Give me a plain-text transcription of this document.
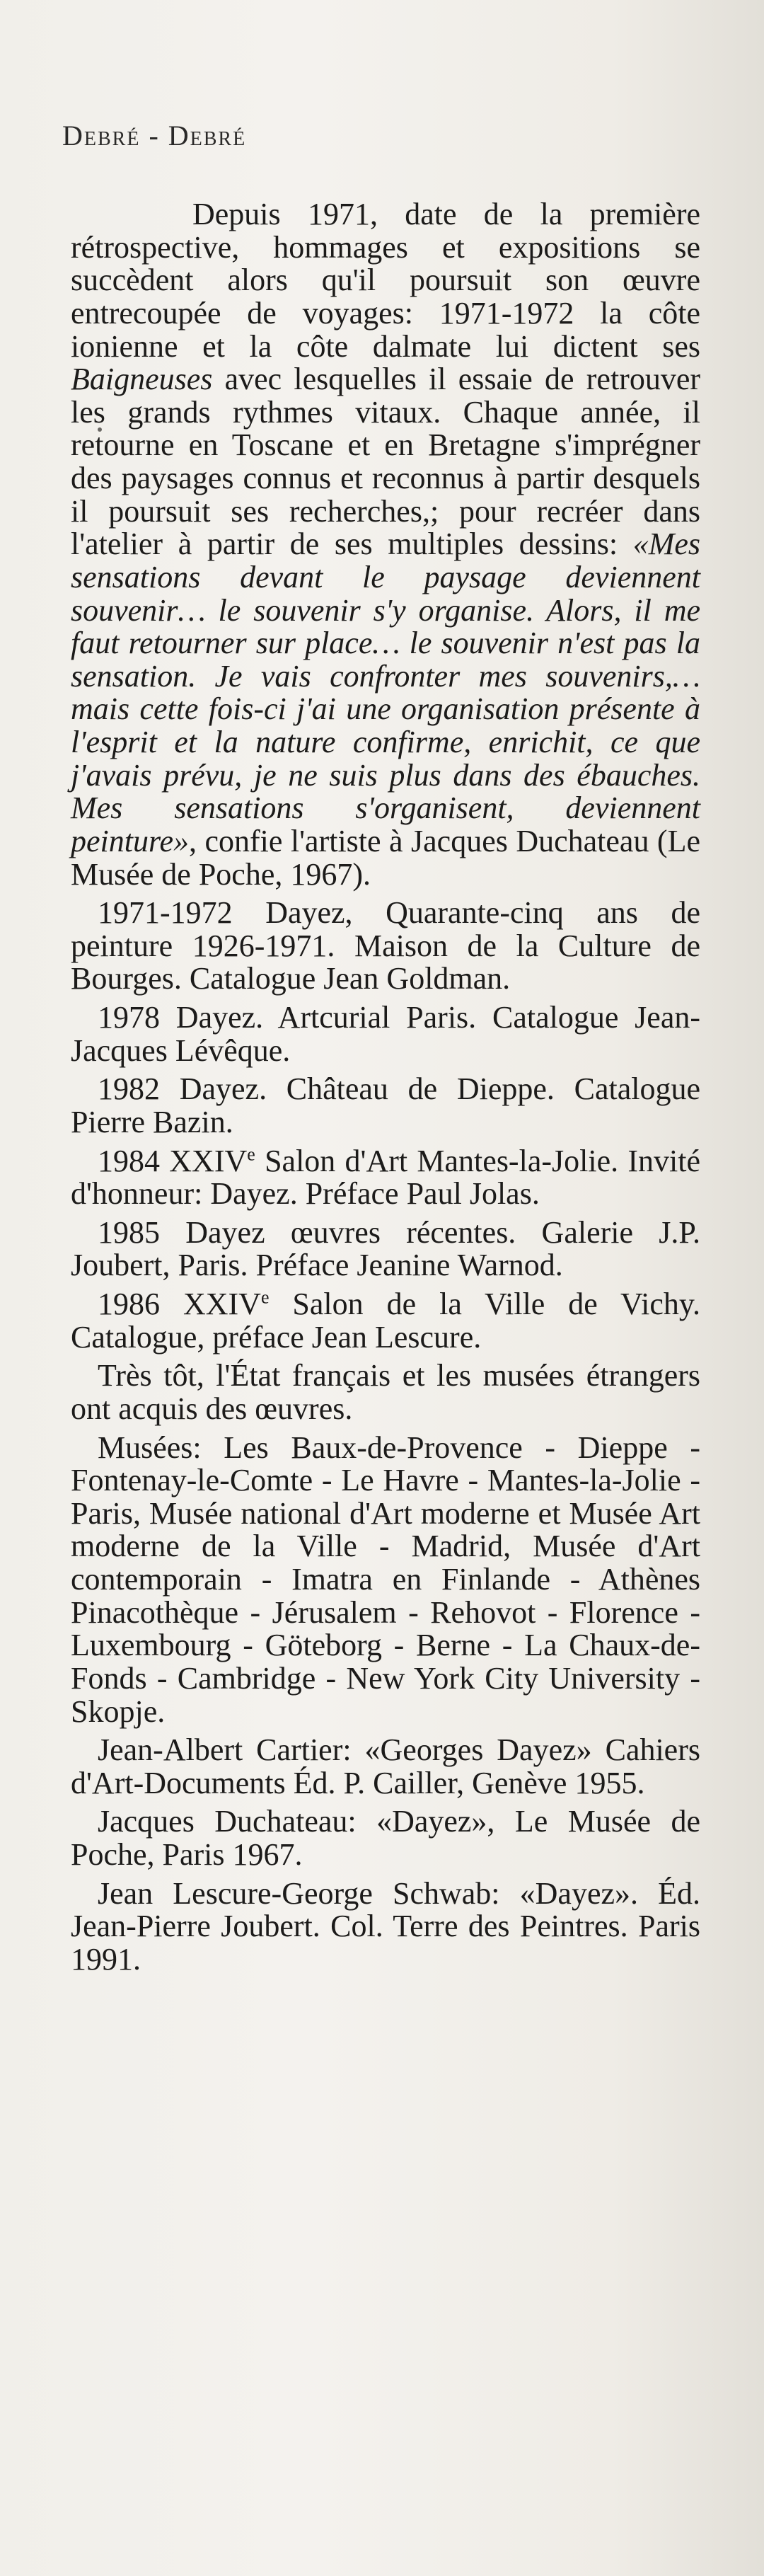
Debré - Debré

Depuis 1971, date de la première rétrospective, hommages et expositions se succèdent alors qu'il poursuit son œuvre entrecoupée de voyages: 1971-1972 la côte ionienne et la côte dalmate lui dictent ses Baigneuses avec lesquelles il essaie de retrouver les grands rythmes vitaux. Chaque année, il retourne en Toscane et en Bretagne s'imprégner des paysages connus et reconnus à partir desquels il poursuit ses recherches,; pour recréer dans l'atelier à partir de ses multiples dessins: «Mes sensations devant le paysage deviennent souvenir… le souvenir s'y organise. Alors, il me faut retourner sur place… le souvenir n'est pas la sensation. Je vais confronter mes souvenirs,… mais cette fois-ci j'ai une organisation présente à l'esprit et la nature confirme, enrichit, ce que j'avais prévu, je ne suis plus dans des ébauches. Mes sensations s'organisent, deviennent peinture», confie l'artiste à Jacques Duchateau (Le Musée de Poche, 1967).

1971-1972 Dayez, Quarante-cinq ans de peinture 1926-1971. Maison de la Culture de Bourges. Catalogue Jean Goldman.

1978 Dayez. Artcurial Paris. Catalogue Jean-Jacques Lévêque.

1982 Dayez. Château de Dieppe. Catalogue Pierre Bazin.

1984 XXIVe Salon d'Art Mantes-la-Jolie. Invité d'honneur: Dayez. Préface Paul Jolas.

1985 Dayez œuvres récentes. Galerie J.P. Joubert, Paris. Préface Jeanine Warnod.

1986 XXIVe Salon de la Ville de Vichy. Catalogue, préface Jean Lescure.

Très tôt, l'État français et les musées étrangers ont acquis des œuvres.

Musées: Les Baux-de-Provence - Dieppe - Fontenay-le-Comte - Le Havre - Mantes-la-Jolie - Paris, Musée national d'Art moderne et Musée Art moderne de la Ville - Madrid, Musée d'Art contemporain - Imatra en Finlande - Athènes Pinacothèque - Jérusalem - Rehovot - Florence - Luxembourg - Göteborg - Berne - La Chaux-de-Fonds - Cambridge - New York City University - Skopje.

Jean-Albert Cartier: «Georges Dayez» Cahiers d'Art-Documents Éd. P. Cailler, Genève 1955.

Jacques Duchateau: «Dayez», Le Musée de Poche, Paris 1967.

Jean Lescure-George Schwab: «Dayez». Éd. Jean-Pierre Joubert. Col. Terre des Peintres. Paris 1991.
